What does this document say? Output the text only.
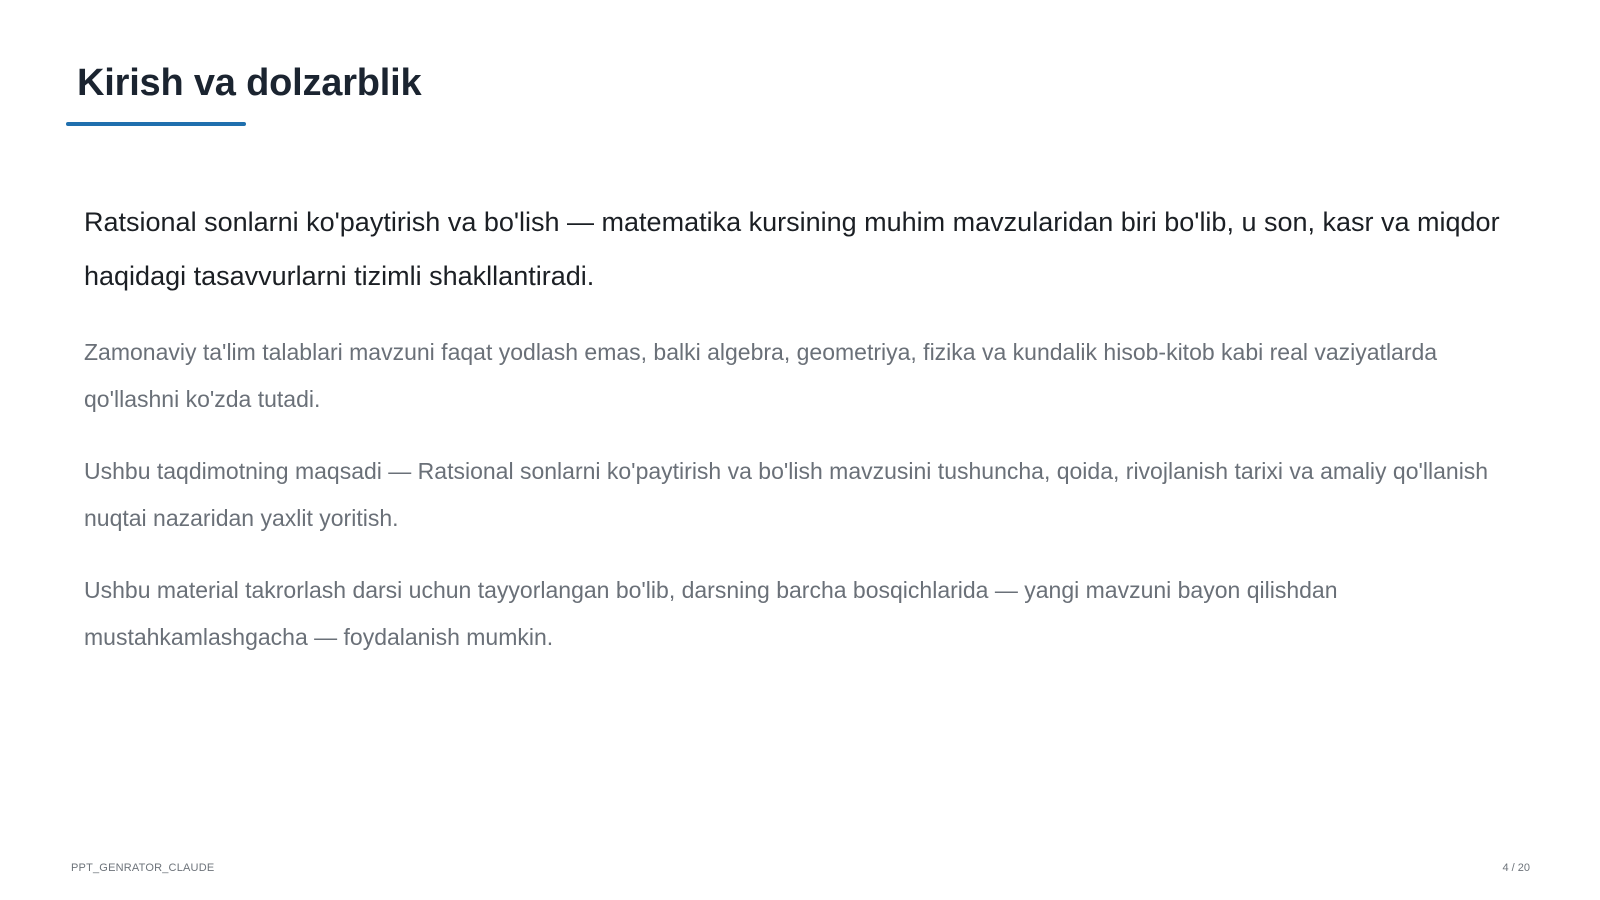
Kirish va dolzarblik

Ratsional sonlarni ko'paytirish va bo'lish — matematika kursining muhim mavzularidan biri bo'lib, u son, kasr va miqdor haqidagi tasavvurlarni tizimli shakllantiradi.

Zamonaviy ta'lim talablari mavzuni faqat yodlash emas, balki algebra, geometriya, fizika va kundalik hisob-kitob kabi real vaziyatlarda qo'llashni ko'zda tutadi.

Ushbu taqdimotning maqsadi — Ratsional sonlarni ko'paytirish va bo'lish mavzusini tushuncha, qoida, rivojlanish tarixi va amaliy qo'llanish nuqtai nazaridan yaxlit yoritish.

Ushbu material takrorlash darsi uchun tayyorlangan bo'lib, darsning barcha bosqichlarida — yangi mavzuni bayon qilishdan mustahkamlashgacha — foydalanish mumkin.

PPT_GENRATOR_CLAUDE	4 / 20
